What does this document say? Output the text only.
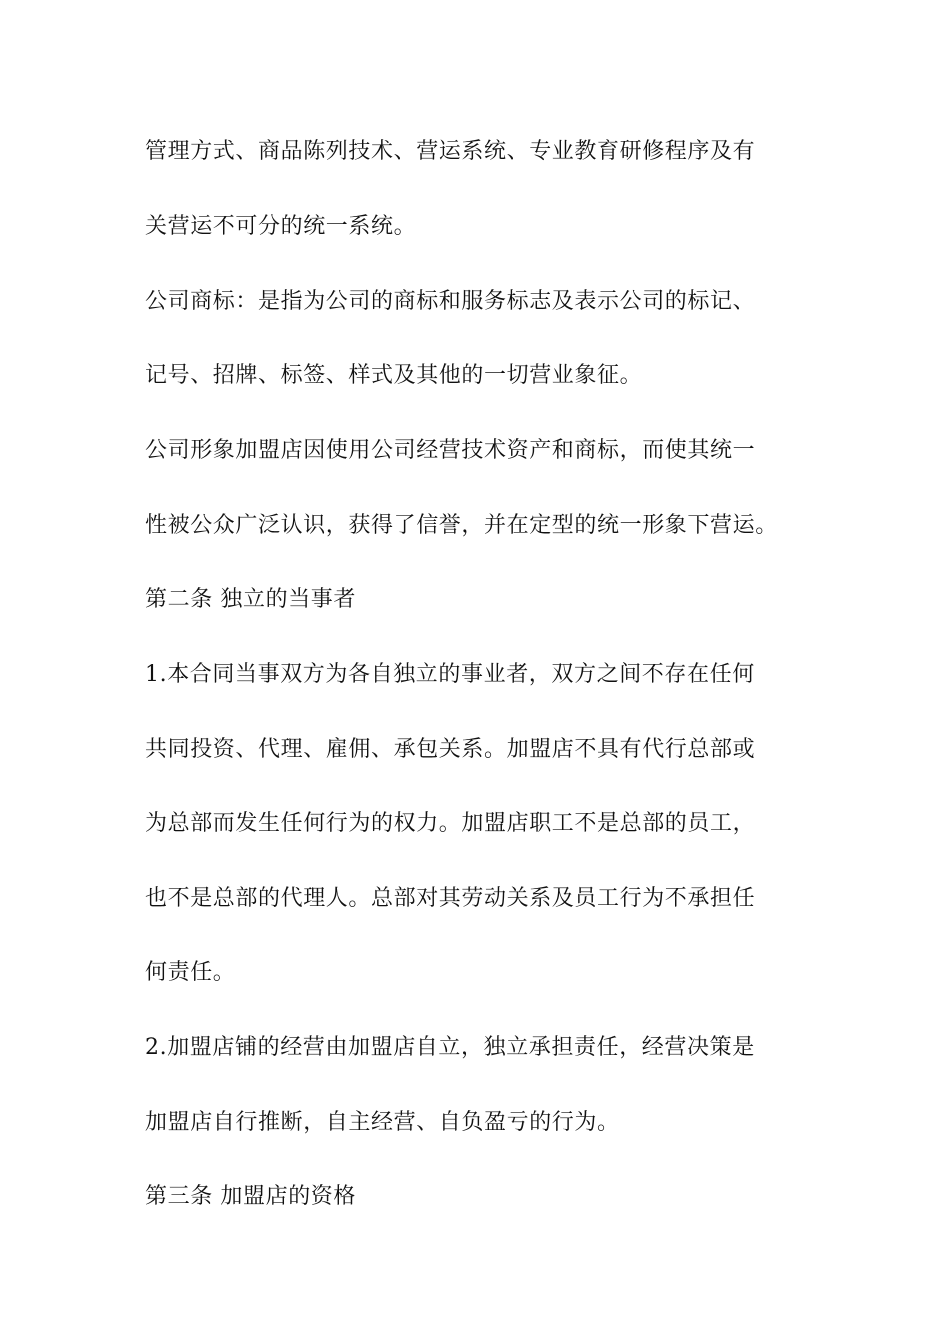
管理方式、商品陈列技术、营运系统、专业教育研修程序及有

关营运不可分的统一系统。

公司商标：是指为公司的商标和服务标志及表示公司的标记、

记号、招牌、标签、样式及其他的一切营业象征。

公司形象加盟店因使用公司经营技术资产和商标，而使其统一

性被公众广泛认识，获得了信誉，并在定型的统一形象下营运。

第二条 独立的当事者

1.本合同当事双方为各自独立的事业者，双方之间不存在任何

共同投资、代理、雇佣、承包关系。加盟店不具有代行总部或

为总部而发生任何行为的权力。加盟店职工不是总部的员工，

也不是总部的代理人。总部对其劳动关系及员工行为不承担任

何责任。

2.加盟店铺的经营由加盟店自立，独立承担责任，经营决策是

加盟店自行推断，自主经营、自负盈亏的行为。

第三条 加盟店的资格
